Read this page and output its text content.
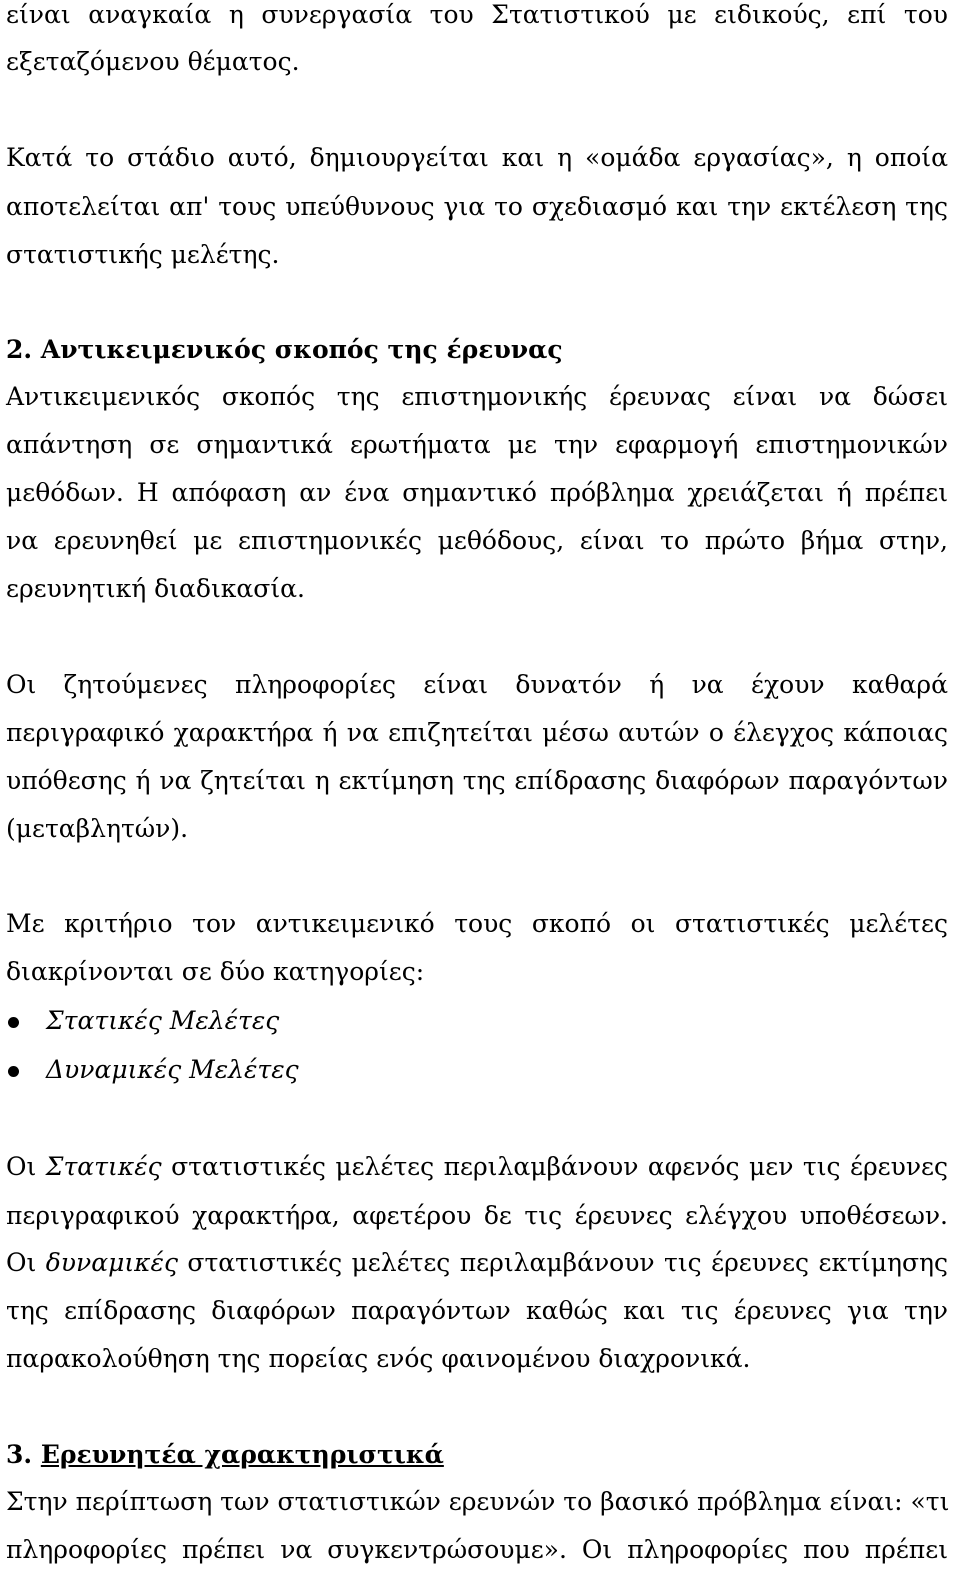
είναι αναγκαία η συνεργασία του Στατιστικού με ειδικούς, επί του
εξεταζόμενου θέματος.
Κατά το στάδιο αυτό, δημιουργείται και η «ομάδα εργασίας», η οποία
αποτελείται απ' τους υπεύθυνους για το σχεδιασμό και την εκτέλεση της
στατιστικής μελέτης.
2. Αντικειμενικός σκοπός της έρευνας
Αντικειμενικός σκοπός της επιστημονικής έρευνας είναι να δώσει
απάντηση σε σημαντικά ερωτήματα με την εφαρμογή επιστημονικών
μεθόδων. Η απόφαση αν ένα σημαντικό πρόβλημα χρειάζεται ή πρέπει
να ερευνηθεί με επιστημονικές μεθόδους, είναι το πρώτο βήμα στην,
ερευνητική διαδικασία.
Οι ζητούμενες πληροφορίες είναι δυνατόν ή να έχουν καθαρά
περιγραφικό χαρακτήρα ή να επιζητείται μέσω αυτών ο έλεγχος κάποιας
υπόθεσης ή να ζητείται η εκτίμηση της επίδρασης διαφόρων παραγόντων
(μεταβλητών).
Με κριτήριο τον αντικειμενικό τους σκοπό οι στατιστικές μελέτες
διακρίνονται σε δύο κατηγορίες:
Στατικές Μελέτες
Δυναμικές Μελέτες
Οι Στατικές στατιστικές μελέτες περιλαμβάνουν αφενός μεν τις έρευνες
περιγραφικού χαρακτήρα, αφετέρου δε τις έρευνες ελέγχου υποθέσεων.
Οι δυναμικές στατιστικές μελέτες περιλαμβάνουν τις έρευνες εκτίμησης
της επίδρασης διαφόρων παραγόντων καθώς και τις έρευνες για την
παρακολούθηση της πορείας ενός φαινομένου διαχρονικά.
3. Ερευνητέα χαρακτηριστικά
Στην περίπτωση των στατιστικών ερευνών το βασικό πρόβλημα είναι: «τι
πληροφορίες πρέπει να συγκεντρώσουμε». Οι πληροφορίες που πρέπει
